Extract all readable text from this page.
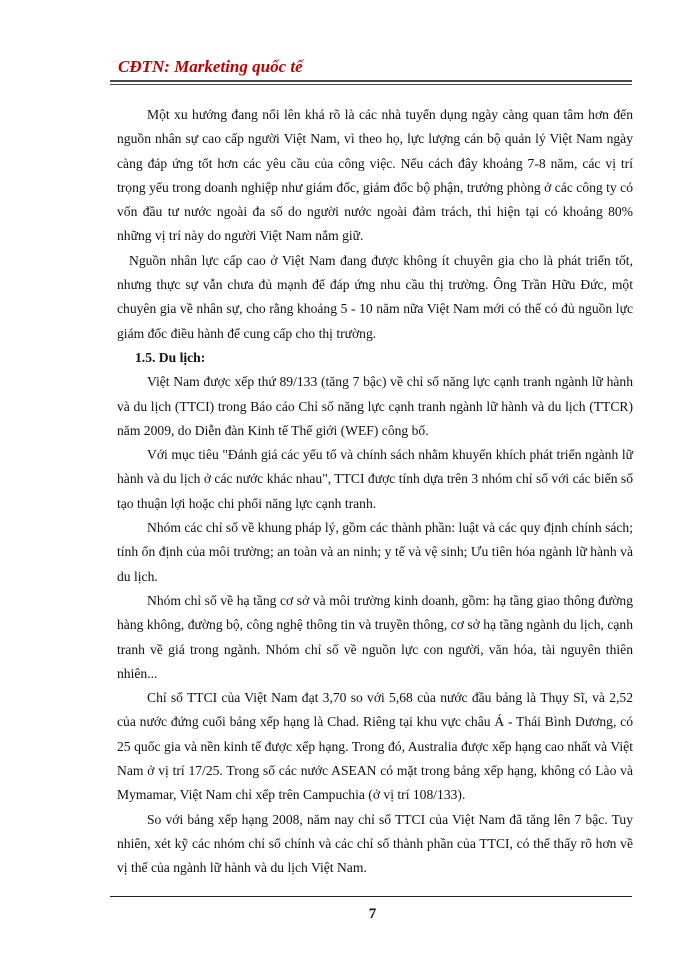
CĐTN: Marketing quốc tế

Một xu hướng đang nổi lên khá rõ là các nhà tuyển dụng ngày càng quan tâm hơn đến nguồn nhân sự cao cấp người Việt Nam, vì theo họ, lực lượng cán bộ quản lý Việt Nam ngày càng đáp ứng tốt hơn các yêu cầu của công việc. Nếu cách đây khoảng 7-8 năm, các vị trí trọng yếu trong doanh nghiệp như giám đốc, giám đốc bộ phận, trưởng phòng ở các công ty có vốn đầu tư nước ngoài đa số do người nước ngoài đảm trách, thì hiện tại có khoảng 80% những vị trí này do người Việt Nam nắm giữ.

Nguồn nhân lực cấp cao ở Việt Nam đang được không ít chuyên gia cho là phát triển tốt, nhưng thực sự vẫn chưa đủ mạnh để đáp ứng nhu cầu thị trường. Ông Trần Hữu Đức, một chuyên gia về nhân sự, cho rằng khoảng 5 - 10 năm nữa Việt Nam mới có thể có đủ nguồn lực giám đốc điều hành để cung cấp cho thị trường.

1.5. Du lịch:

Việt Nam được xếp thứ 89/133 (tăng 7 bậc) về chỉ số năng lực cạnh tranh ngành lữ hành và du lịch (TTCI) trong Báo cáo Chỉ số năng lực cạnh tranh ngành lữ hành và du lịch (TTCR) năm 2009, do Diễn đàn Kinh tế Thế giới (WEF) công bố.

Với mục tiêu "Đánh giá các yếu tố và chính sách nhằm khuyến khích phát triển ngành lữ hành và du lịch ở các nước khác nhau", TTCI được tính dựa trên 3 nhóm chỉ số với các biến số tạo thuận lợi hoặc chi phối năng lực cạnh tranh.

Nhóm các chỉ số về khung pháp lý, gồm các thành phần: luật và các quy định chính sách; tính ổn định của môi trường; an toàn và an ninh; y tế và vệ sinh; Ưu tiên hóa ngành lữ hành và du lịch.

Nhóm chỉ số về hạ tầng cơ sở và môi trường kinh doanh, gồm: hạ tầng giao thông đường hàng không, đường bộ, công nghệ thông tin và truyền thông, cơ sở hạ tầng ngành du lịch, cạnh tranh về giá trong ngành. Nhóm chỉ số về nguồn lực con người, văn hóa, tài nguyên thiên nhiên...

Chỉ số TTCI của Việt Nam đạt 3,70 so với 5,68 của nước đầu bảng là Thụy Sĩ, và 2,52 của nước đứng cuối bảng xếp hạng là Chad. Riêng tại khu vực châu Á - Thái Bình Dương, có 25 quốc gia và nền kinh tế được xếp hạng. Trong đó, Australia được xếp hạng cao nhất và Việt Nam ở vị trí 17/25. Trong số các nước ASEAN có mặt trong bảng xếp hạng, không có Lào và Mymamar, Việt Nam chỉ xếp trên Campuchia (ở vị trí 108/133).

So với bảng xếp hạng 2008, năm nay chỉ số TTCI của Việt Nam đã tăng lên 7 bậc. Tuy nhiên, xét kỹ các nhóm chỉ số chính và các chỉ số thành phần của TTCI, có thể thấy rõ hơn về vị thế của ngành lữ hành và du lịch Việt Nam.

7
